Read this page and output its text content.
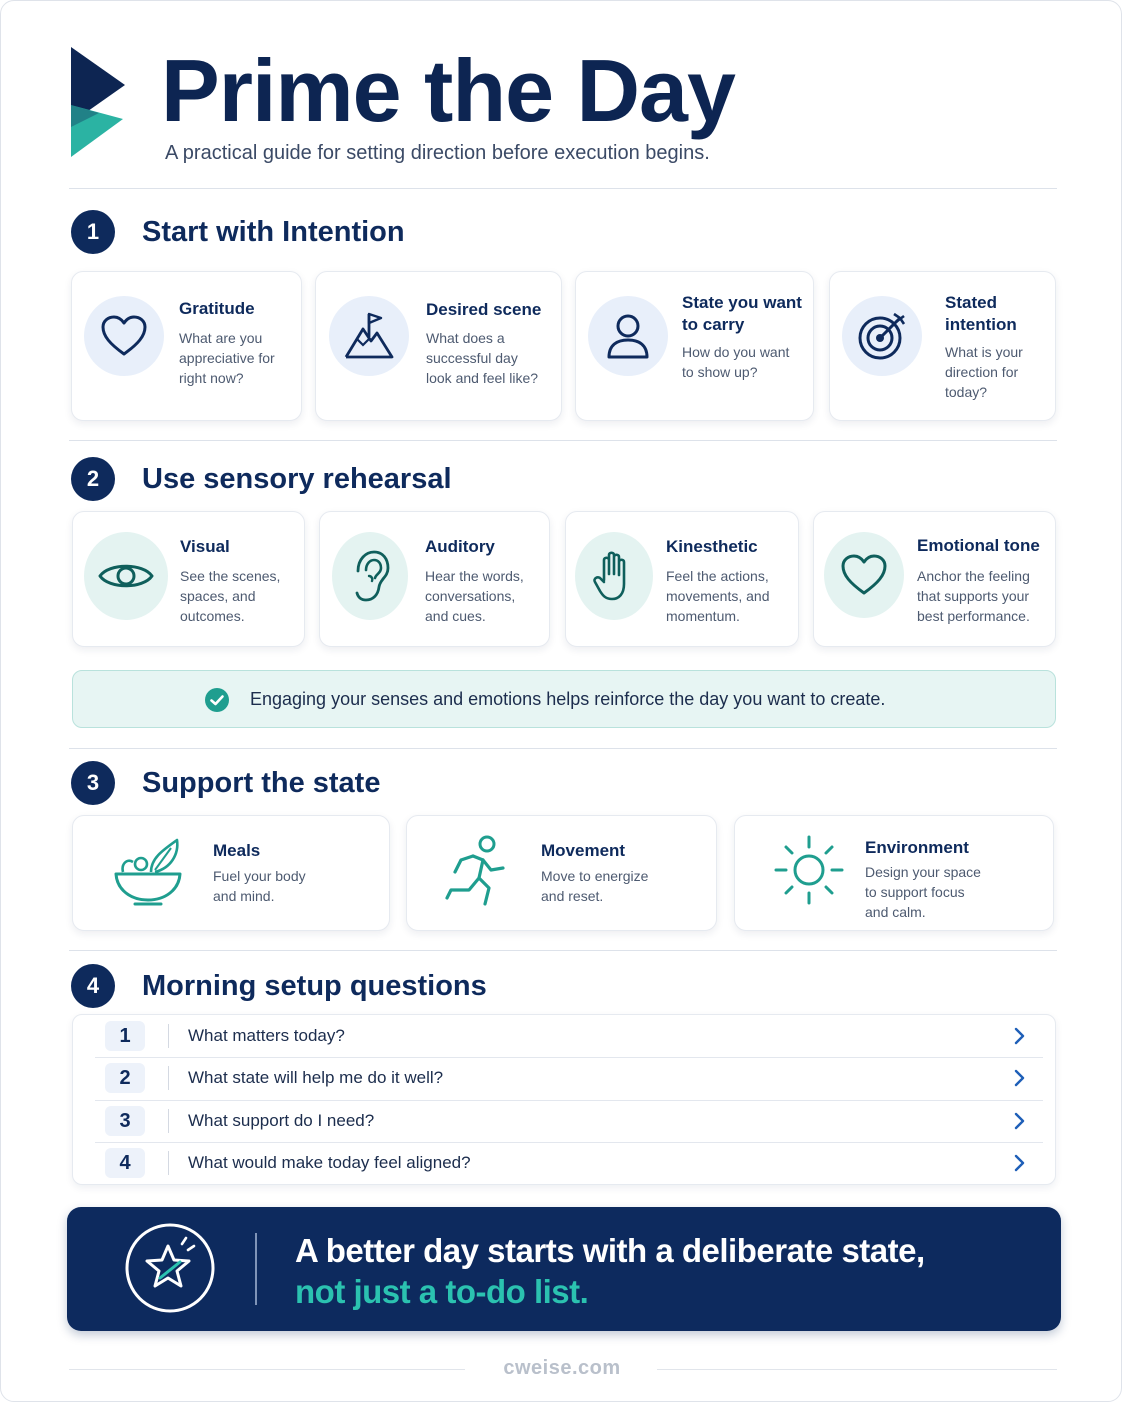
Prime the Day
A practical guide for setting direction before execution begins.
1	Start with Intention
Gratitude
What are you
appreciative for
right now?
Desired scene
What does a
successful day
look and feel like?
State you want
to carry
How do you want
to show up?
Stated
intention
What is your
direction for
today?
2	Use sensory rehearsal
Visual
See the scenes,
spaces, and
outcomes.
Auditory
Hear the words,
conversations,
and cues.
Kinesthetic
Feel the actions,
movements, and
momentum.
Emotional tone
Anchor the feeling
that supports your
best performance.
Engaging your senses and emotions helps reinforce the day you want to create.
3	Support the state
Meals
Fuel your body
and mind.
Movement
Move to energize
and reset.
Environment
Design your space
to support focus
and calm.
4	Morning setup questions
1	What matters today?
2	What state will help me do it well?
3	What support do I need?
4	What would make today feel aligned?
A better day starts with a deliberate state,
not just a to-do list.
cweise.com
